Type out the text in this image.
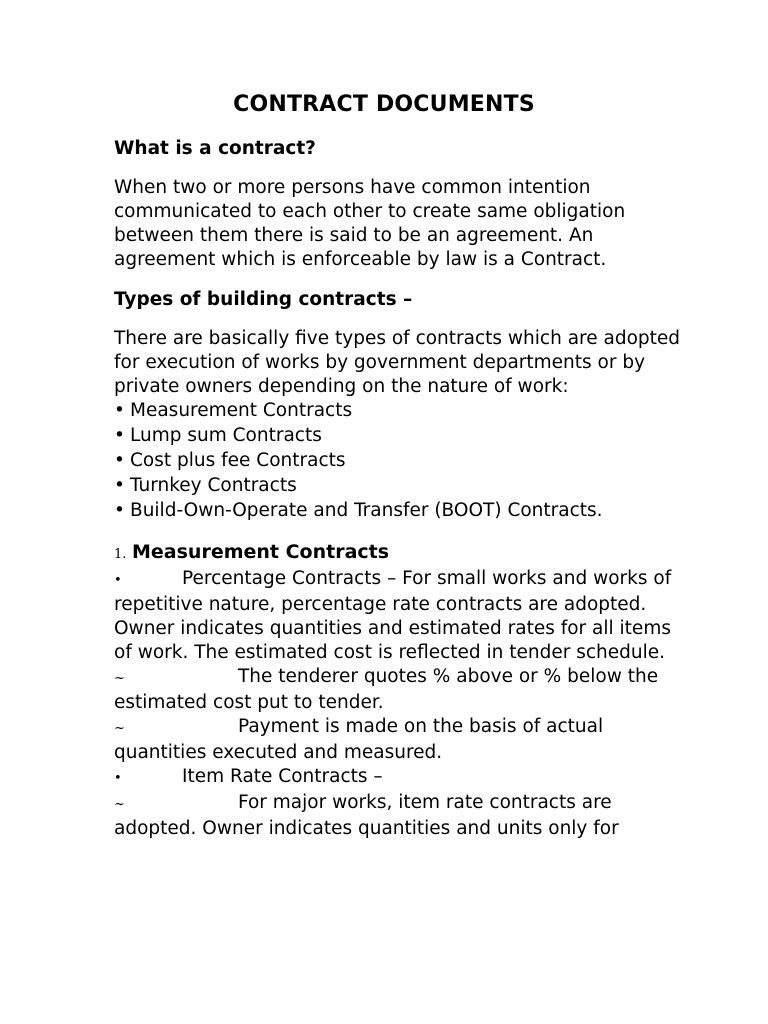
CONTRACT DOCUMENTS

What is a contract?

When two or more persons have common intention communicated to each other to create same obligation between them there is said to be an agreement. An agreement which is enforceable by law is a Contract.

Types of building contracts –

There are basically five types of contracts which are adopted for execution of works by government departments or by private owners depending on the nature of work:

• Measurement Contracts
• Lump sum Contracts
• Cost plus fee Contracts
• Turnkey Contracts
• Build-Own-Operate and Transfer (BOOT) Contracts.

1. Measurement Contracts

•	Percentage Contracts – For small works and works of repetitive nature, percentage rate contracts are adopted. Owner indicates quantities and estimated rates for all items of work. The estimated cost is reflected in tender schedule.

~	The tenderer quotes % above or % below the estimated cost put to tender.

~	Payment is made on the basis of actual quantities executed and measured.

•	Item Rate Contracts –

~	For major works, item rate contracts are adopted. Owner indicates quantities and units only for
